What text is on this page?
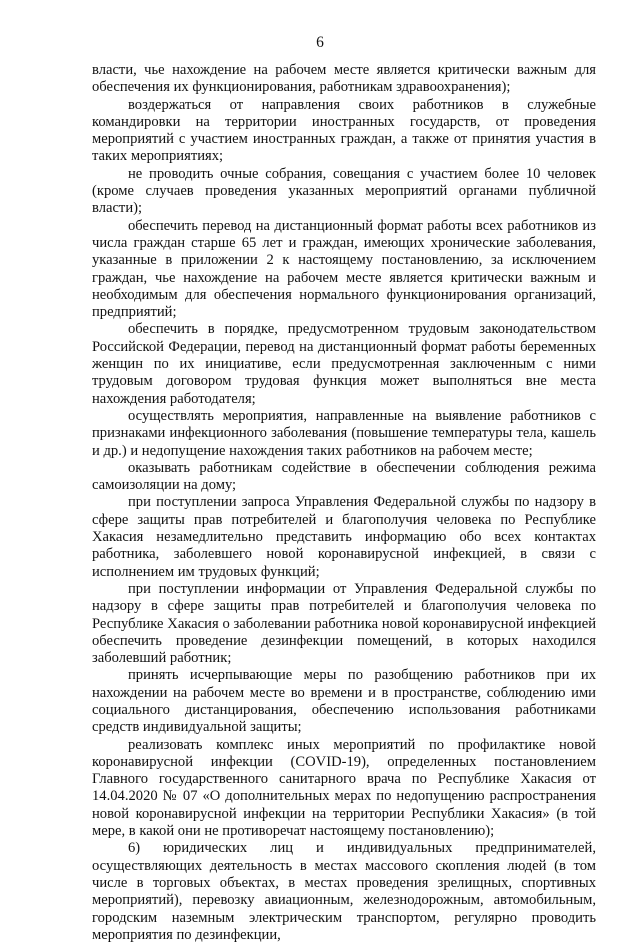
6

власти, чье нахождение на рабочем месте является критически важным для обеспечения их функционирования, работникам здравоохранения);

воздержаться от направления своих работников в служебные командировки на территории иностранных государств, от проведения мероприятий с участием иностранных граждан, а также от принятия участия в таких мероприятиях;

не проводить очные собрания, совещания с участием более 10 человек (кроме случаев проведения указанных мероприятий органами публичной власти);

обеспечить перевод на дистанционный формат работы всех работников из числа граждан старше 65 лет и граждан, имеющих хронические заболевания, указанные в приложении 2 к настоящему постановлению, за исключением граждан, чье нахождение на рабочем месте является критически важным и необходимым для обеспечения нормального функционирования организаций, предприятий;

обеспечить в порядке, предусмотренном трудовым законодательством Российской Федерации, перевод на дистанционный формат работы беременных женщин по их инициативе, если предусмотренная заключенным с ними трудовым договором трудовая функция может выполняться вне места нахождения работодателя;

осуществлять мероприятия, направленные на выявление работников с признаками инфекционного заболевания (повышение температуры тела, кашель и др.) и недопущение нахождения таких работников на рабочем месте;

оказывать работникам содействие в обеспечении соблюдения режима самоизоляции на дому;

при поступлении запроса Управления Федеральной службы по надзору в сфере защиты прав потребителей и благополучия человека по Республике Хакасия незамедлительно представить информацию обо всех контактах работника, заболевшего новой коронавирусной инфекцией, в связи с исполнением им трудовых функций;

при поступлении информации от Управления Федеральной службы по надзору в сфере защиты прав потребителей и благополучия человека по Республике Хакасия о заболевании работника новой коронавирусной инфекцией обеспечить проведение дезинфекции помещений, в которых находился заболевший работник;

принять исчерпывающие меры по разобщению работников при их нахождении на рабочем месте во времени и в пространстве, соблюдению ими социального дистанцирования, обеспечению использования работниками средств индивидуальной защиты;

реализовать комплекс иных мероприятий по профилактике новой коронавирусной инфекции (COVID-19), определенных постановлением Главного государственного санитарного врача по Республике Хакасия от 14.04.2020 № 07 «О дополнительных мерах по недопущению распространения новой коронавирусной инфекции на территории Республики Хакасия» (в той мере, в какой они не противоречат настоящему постановлению);

6) юридических лиц и индивидуальных предпринимателей, осуществляющих деятельность в местах массового скопления людей (в том числе в торговых объектах, в местах проведения зрелищных, спортивных мероприятий), перевозку авиационным, железнодорожным, автомобильным, городским наземным электрическим транспортом, регулярно проводить мероприятия по дезинфекции,
